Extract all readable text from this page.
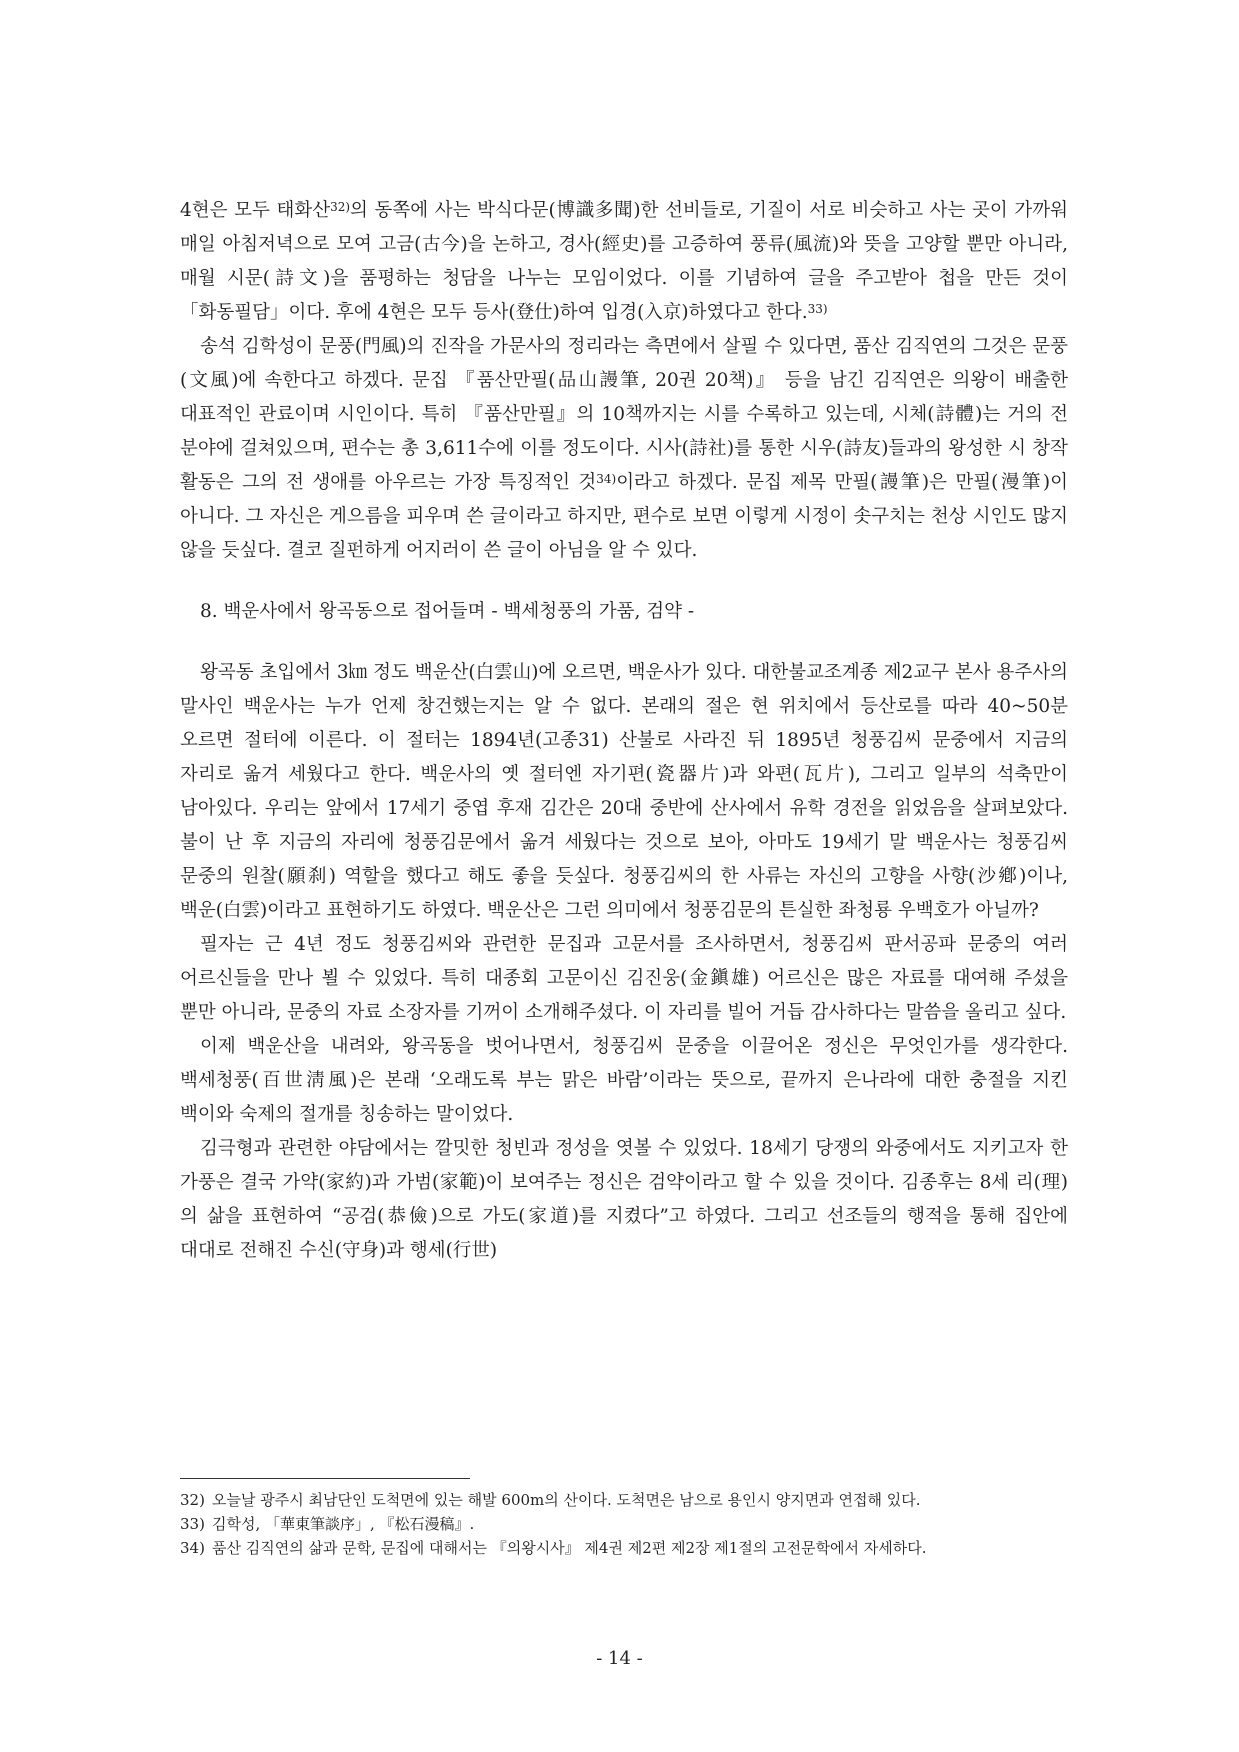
4현은 모두 태화산$^{32)}$의 동쪽에 사는 박식다문(博識多聞)한 선비들로, 기질이 서로 비슷하고 사는 곳이 가까워 매일 아침저녁으로 모여 고금(古今)을 논하고, 경사(經史)를 고증하여 풍류(風流)와 뜻을 고양할 뿐만 아니라, 매월 시문(詩文)을 품평하는 청담을 나누는 모임이었다. 이를 기념하여 글을 주고받아 첩을 만든 것이 「화동필담」이다. 후에 4현은 모두 등사(登仕)하여 입경(入京)하였다고 한다.$^{33)}$

송석 김학성이 문풍(門風)의 진작을 가문사의 정리라는 측면에서 살필 수 있다면, 품산 김직연의 그것은 문풍(文風)에 속한다고 하겠다. 문집 『품산만필(品山謾筆, 20권 20책)』 등을 남긴 김직연은 의왕이 배출한 대표적인 관료이며 시인이다. 특히 『품산만필』의 10책까지는 시를 수록하고 있는데, 시체(詩體)는 거의 전 분야에 걸쳐있으며, 편수는 총 3,611수에 이를 정도이다. 시사(詩社)를 통한 시우(詩友)들과의 왕성한 시 창작 활동은 그의 전 생애를 아우르는 가장 특징적인 것$^{34)}$이라고 하겠다. 문집 제목 만필(謾筆)은 만필(漫筆)이 아니다. 그 자신은 게으름을 피우며 쓴 글이라고 하지만, 편수로 보면 이렇게 시정이 솟구치는 천상 시인도 많지 않을 듯싶다. 결코 질펀하게 어지러이 쓴 글이 아님을 알 수 있다.

8. 백운사에서 왕곡동으로 접어들며 - 백세청풍의 가품, 검약 -

왕곡동 초입에서 3㎞ 정도 백운산(白雲山)에 오르면, 백운사가 있다. 대한불교조계종 제2교구 본사 용주사의 말사인 백운사는 누가 언제 창건했는지는 알 수 없다. 본래의 절은 현 위치에서 등산로를 따라 40~50분 오르면 절터에 이른다. 이 절터는 1894년(고종31) 산불로 사라진 뒤 1895년 청풍김씨 문중에서 지금의 자리로 옮겨 세웠다고 한다. 백운사의 옛 절터엔 자기편(瓷器片)과 와편(瓦片), 그리고 일부의 석축만이 남아있다. 우리는 앞에서 17세기 중엽 후재 김간은 20대 중반에 산사에서 유학 경전을 읽었음을 살펴보았다. 불이 난 후 지금의 자리에 청풍김문에서 옮겨 세웠다는 것으로 보아, 아마도 19세기 말 백운사는 청풍김씨 문중의 원찰(願刹) 역할을 했다고 해도 좋을 듯싶다. 청풍김씨의 한 사류는 자신의 고향을 사향(沙鄕)이나, 백운(白雲)이라고 표현하기도 하였다. 백운산은 그런 의미에서 청풍김문의 튼실한 좌청룡 우백호가 아닐까?

필자는 근 4년 정도 청풍김씨와 관련한 문집과 고문서를 조사하면서, 청풍김씨 판서공파 문중의 여러 어르신들을 만나 뵐 수 있었다. 특히 대종회 고문이신 김진웅(金鎭雄) 어르신은 많은 자료를 대여해 주셨을 뿐만 아니라, 문중의 자료 소장자를 기꺼이 소개해주셨다. 이 자리를 빌어 거듭 감사하다는 말씀을 올리고 싶다.

이제 백운산을 내려와, 왕곡동을 벗어나면서, 청풍김씨 문중을 이끌어온 정신은 무엇인가를 생각한다. 백세청풍(百世淸風)은 본래 ‘오래도록 부는 맑은 바람’이라는 뜻으로, 끝까지 은나라에 대한 충절을 지킨 백이와 숙제의 절개를 칭송하는 말이었다.

김극형과 관련한 야담에서는 깔밋한 청빈과 정성을 엿볼 수 있었다. 18세기 당쟁의 와중에서도 지키고자 한 가풍은 결국 가약(家約)과 가범(家範)이 보여주는 정신은 검약이라고 할 수 있을 것이다. 김종후는 8세 리(理)의 삶을 표현하여 “공검(恭儉)으로 가도(家道)를 지켰다”고 하였다. 그리고 선조들의 행적을 통해 집안에 대대로 전해진 수신(守身)과 행세(行世)

32) 오늘날 광주시 최남단인 도척면에 있는 해발 600m의 산이다. 도척면은 남으로 용인시 양지면과 연접해 있다.

33) 김학성, 「華東筆談序」, 『松石漫稿』.

34) 품산 김직연의 삶과 문학, 문집에 대해서는 『의왕시사』 제4권 제2편 제2장 제1절의 고전문학에서 자세하다.

- 14 -
